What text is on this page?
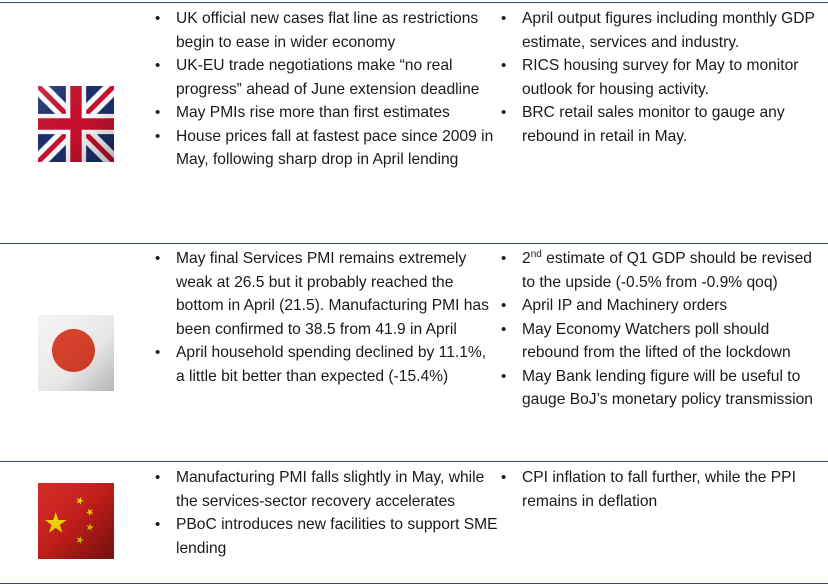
• UK official new cases flat line as restrictions begin to ease in wider economy
• UK-EU trade negotiations make “no real progress” ahead of June extension deadline
• May PMIs rise more than first estimates
• House prices fall at fastest pace since 2009 in May, following sharp drop in April lending
• April output figures including monthly GDP estimate, services and industry.
• RICS housing survey for May to monitor outlook for housing activity.
• BRC retail sales monitor to gauge any rebound in retail in May.
• May final Services PMI remains extremely weak at 26.5 but it probably reached the bottom in April (21.5). Manufacturing PMI has been confirmed to 38.5 from 41.9 in April
• April household spending declined by 11.1%, a little bit better than expected (-15.4%)
• 2nd estimate of Q1 GDP should be revised to the upside (-0.5% from -0.9% qoq)
• April IP and Machinery orders
• May Economy Watchers poll should rebound from the lifted of the lockdown
• May Bank lending figure will be useful to gauge BoJ’s monetary policy transmission
• Manufacturing PMI falls slightly in May, while the services-sector recovery accelerates
• PBoC introduces new facilities to support SME lending
• CPI inflation to fall further, while the PPI remains in deflation
